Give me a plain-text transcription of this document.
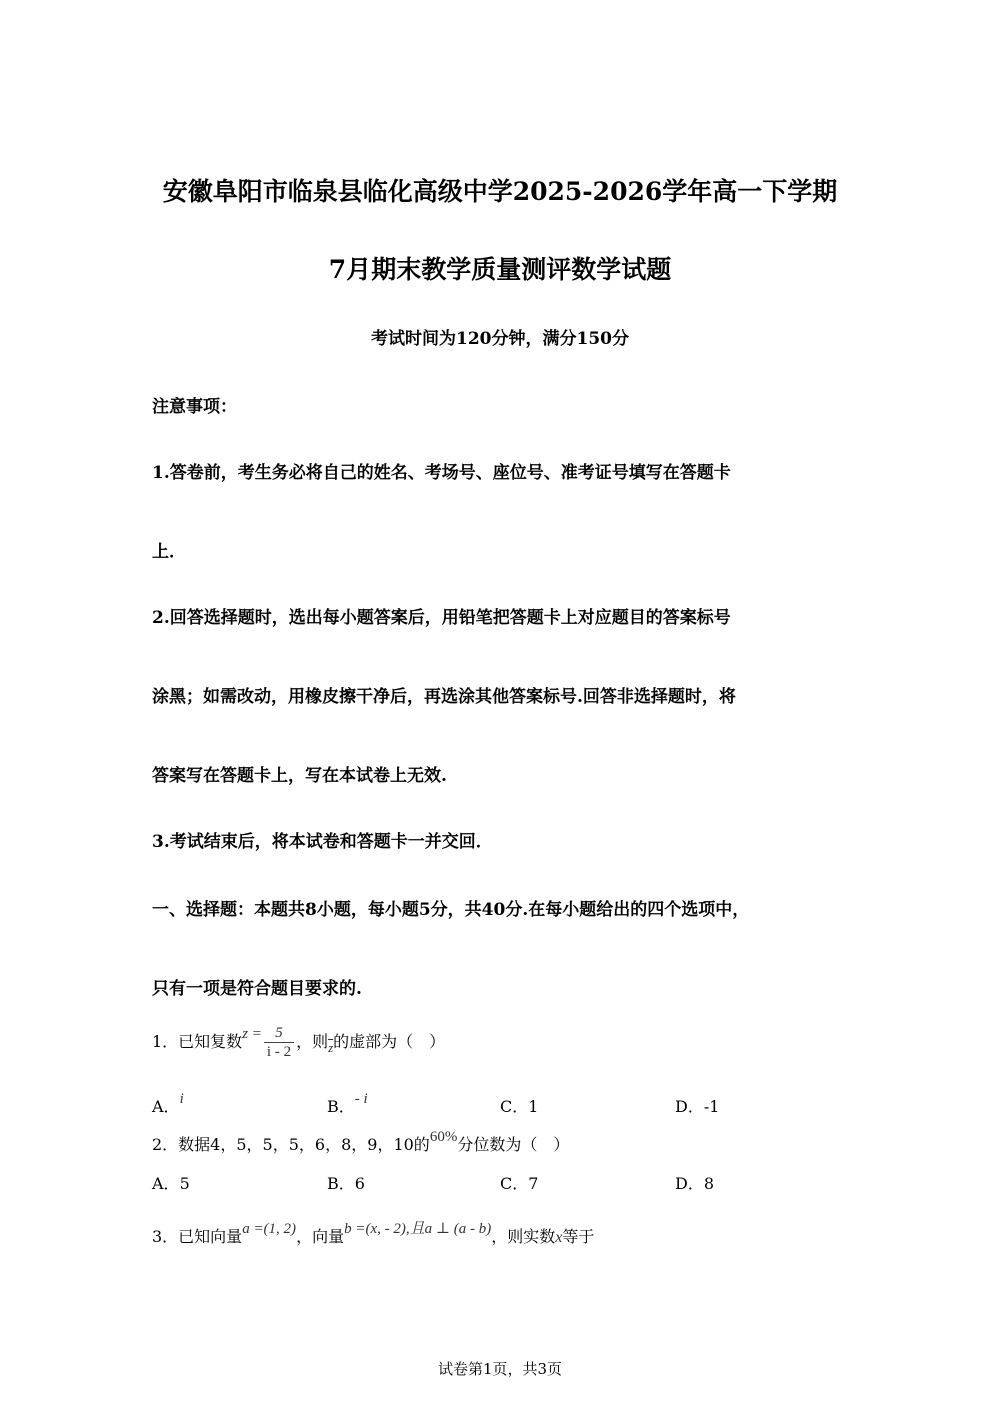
安徽阜阳市临泉县临化高级中学2025-2026学年高一下学期
7月期末教学质量测评数学试题
考试时间为120分钟，满分150分
注意事项：
1.答卷前，考生务必将自己的姓名、考场号、座位号、准考证号填写在答题卡
上．
2.回答选择题时，选出每小题答案后，用铅笔把答题卡上对应题目的答案标号
涂黑；如需改动，用橡皮擦干净后，再选涂其他答案标号.回答非选择题时，将
答案写在答题卡上，写在本试卷上无效.
3.考试结束后，将本试卷和答题卡一并交回．
一、选择题：本题共8小题，每小题5分，共40分.在每小题给出的四个选项中，
只有一项是符合题目要求的.
1．已知复数$z = \frac{5}{i - 2}$ ，则$_{\overline{z}}$的虚部为（　）
A．i	B．- i	C．1	D．-1
2．数据4，5，5，5，6，8，9，10的60%分位数为（　）
A．5	B．6	C．7	D．8
3．已知向量a =(1, 2)，向量b =(x, - 2),且a ⊥ (a - b)，则实数x等于
试卷第1页，共3页
